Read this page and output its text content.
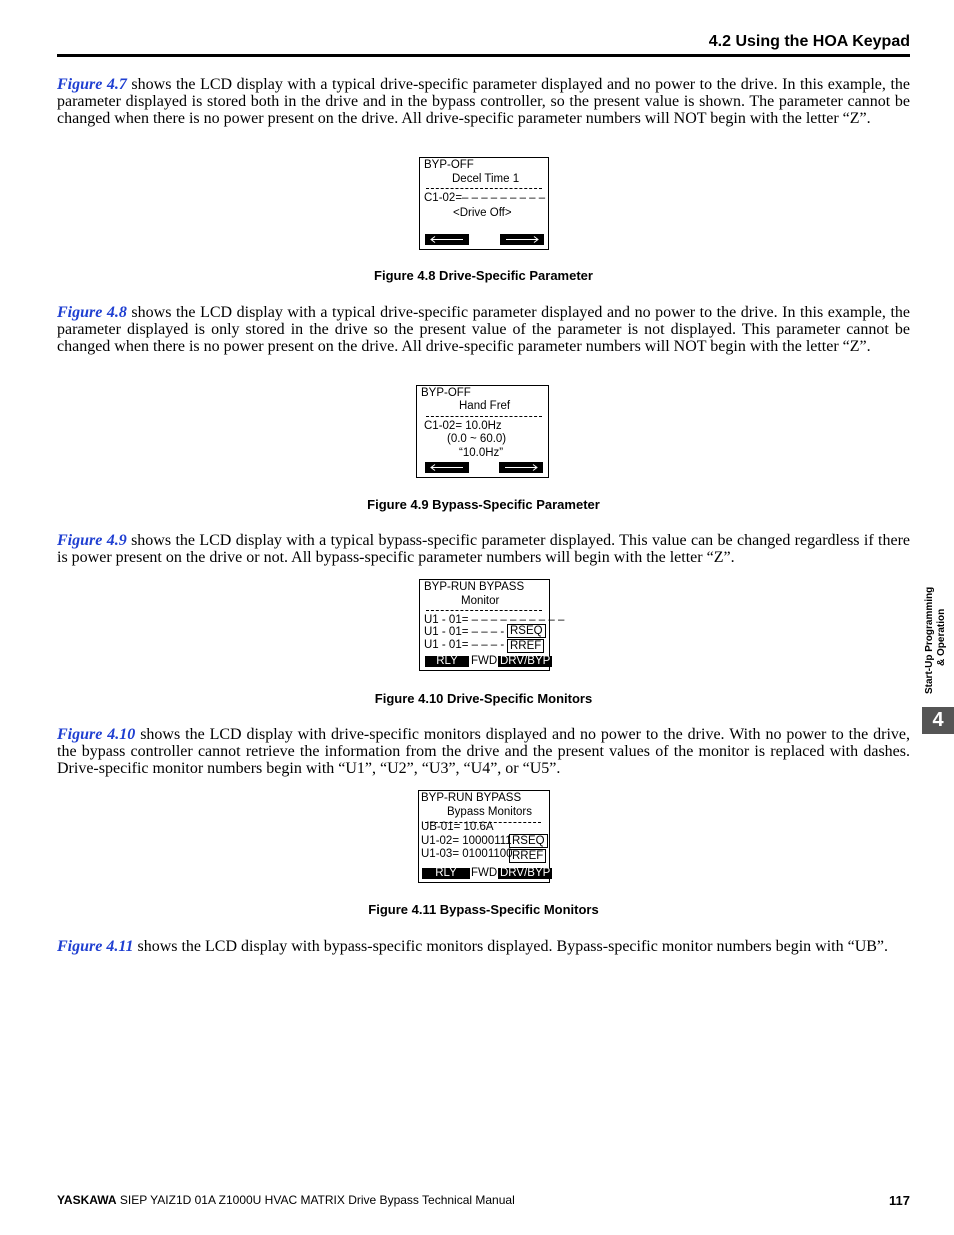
4.2 Using the HOA Keypad

Figure 4.7 shows the LCD display with a typical drive-specific parameter displayed and no power to the drive. In this example, the parameter displayed is stored both in the drive and in the bypass controller, so the present value is shown. The parameter cannot be changed when there is no power present on the drive. All drive-specific parameter numbers will NOT begin with the letter “Z”.

BYP-OFF
Decel Time 1
C1-02=– – – – – – – – –
<Drive Off>
Figure 4.8 Drive-Specific Parameter

Figure 4.8 shows the LCD display with a typical drive-specific parameter displayed and no power to the drive. In this example, the parameter displayed is only stored in the drive so the present value of the parameter is not displayed. This parameter cannot be changed when there is no power present on the drive. All drive-specific parameter numbers will NOT begin with the letter “Z”.

BYP-OFF
Hand Fref
C1-02= 10.0Hz
(0.0 ~ 60.0)
“10.0Hz”
Figure 4.9 Bypass-Specific Parameter

Figure 4.9 shows the LCD display with a typical bypass-specific parameter displayed. This value can be changed regardless if there is power present on the drive or not. All bypass-specific parameter numbers will begin with the letter “Z”.

BYP-RUN BYPASS
Monitor
U1 - 01= – – – – – – – – – –
U1 - 01= – – – -
U1 - 01= – – – -
RSEQ
RREF
RLY	FWD DRV/BYP
Figure 4.10 Drive-Specific Monitors

Figure 4.10 shows the LCD display with drive-specific monitors displayed and no power to the drive. With no power to the drive, the bypass controller cannot retrieve the information from the drive and the present values of the monitor is replaced with dashes. Drive-specific monitor numbers begin with “U1”, “U2”, “U3”, “U4”, or “U5”.

BYP-RUN BYPASS
Bypass Monitors
UB-01= 10.6A
U1-02= 10000111
U1-03= 01001100
RSEQ
RREF
RLY	FWD DRV/BYP
Figure 4.11 Bypass-Specific Monitors

Figure 4.11 shows the LCD display with bypass-specific monitors displayed. Bypass-specific monitor numbers begin with “UB”.

Start-Up Programming & Operation
4
YASKAWA SIEP YAIZ1D 01A Z1000U HVAC MATRIX Drive Bypass Technical Manual	117
